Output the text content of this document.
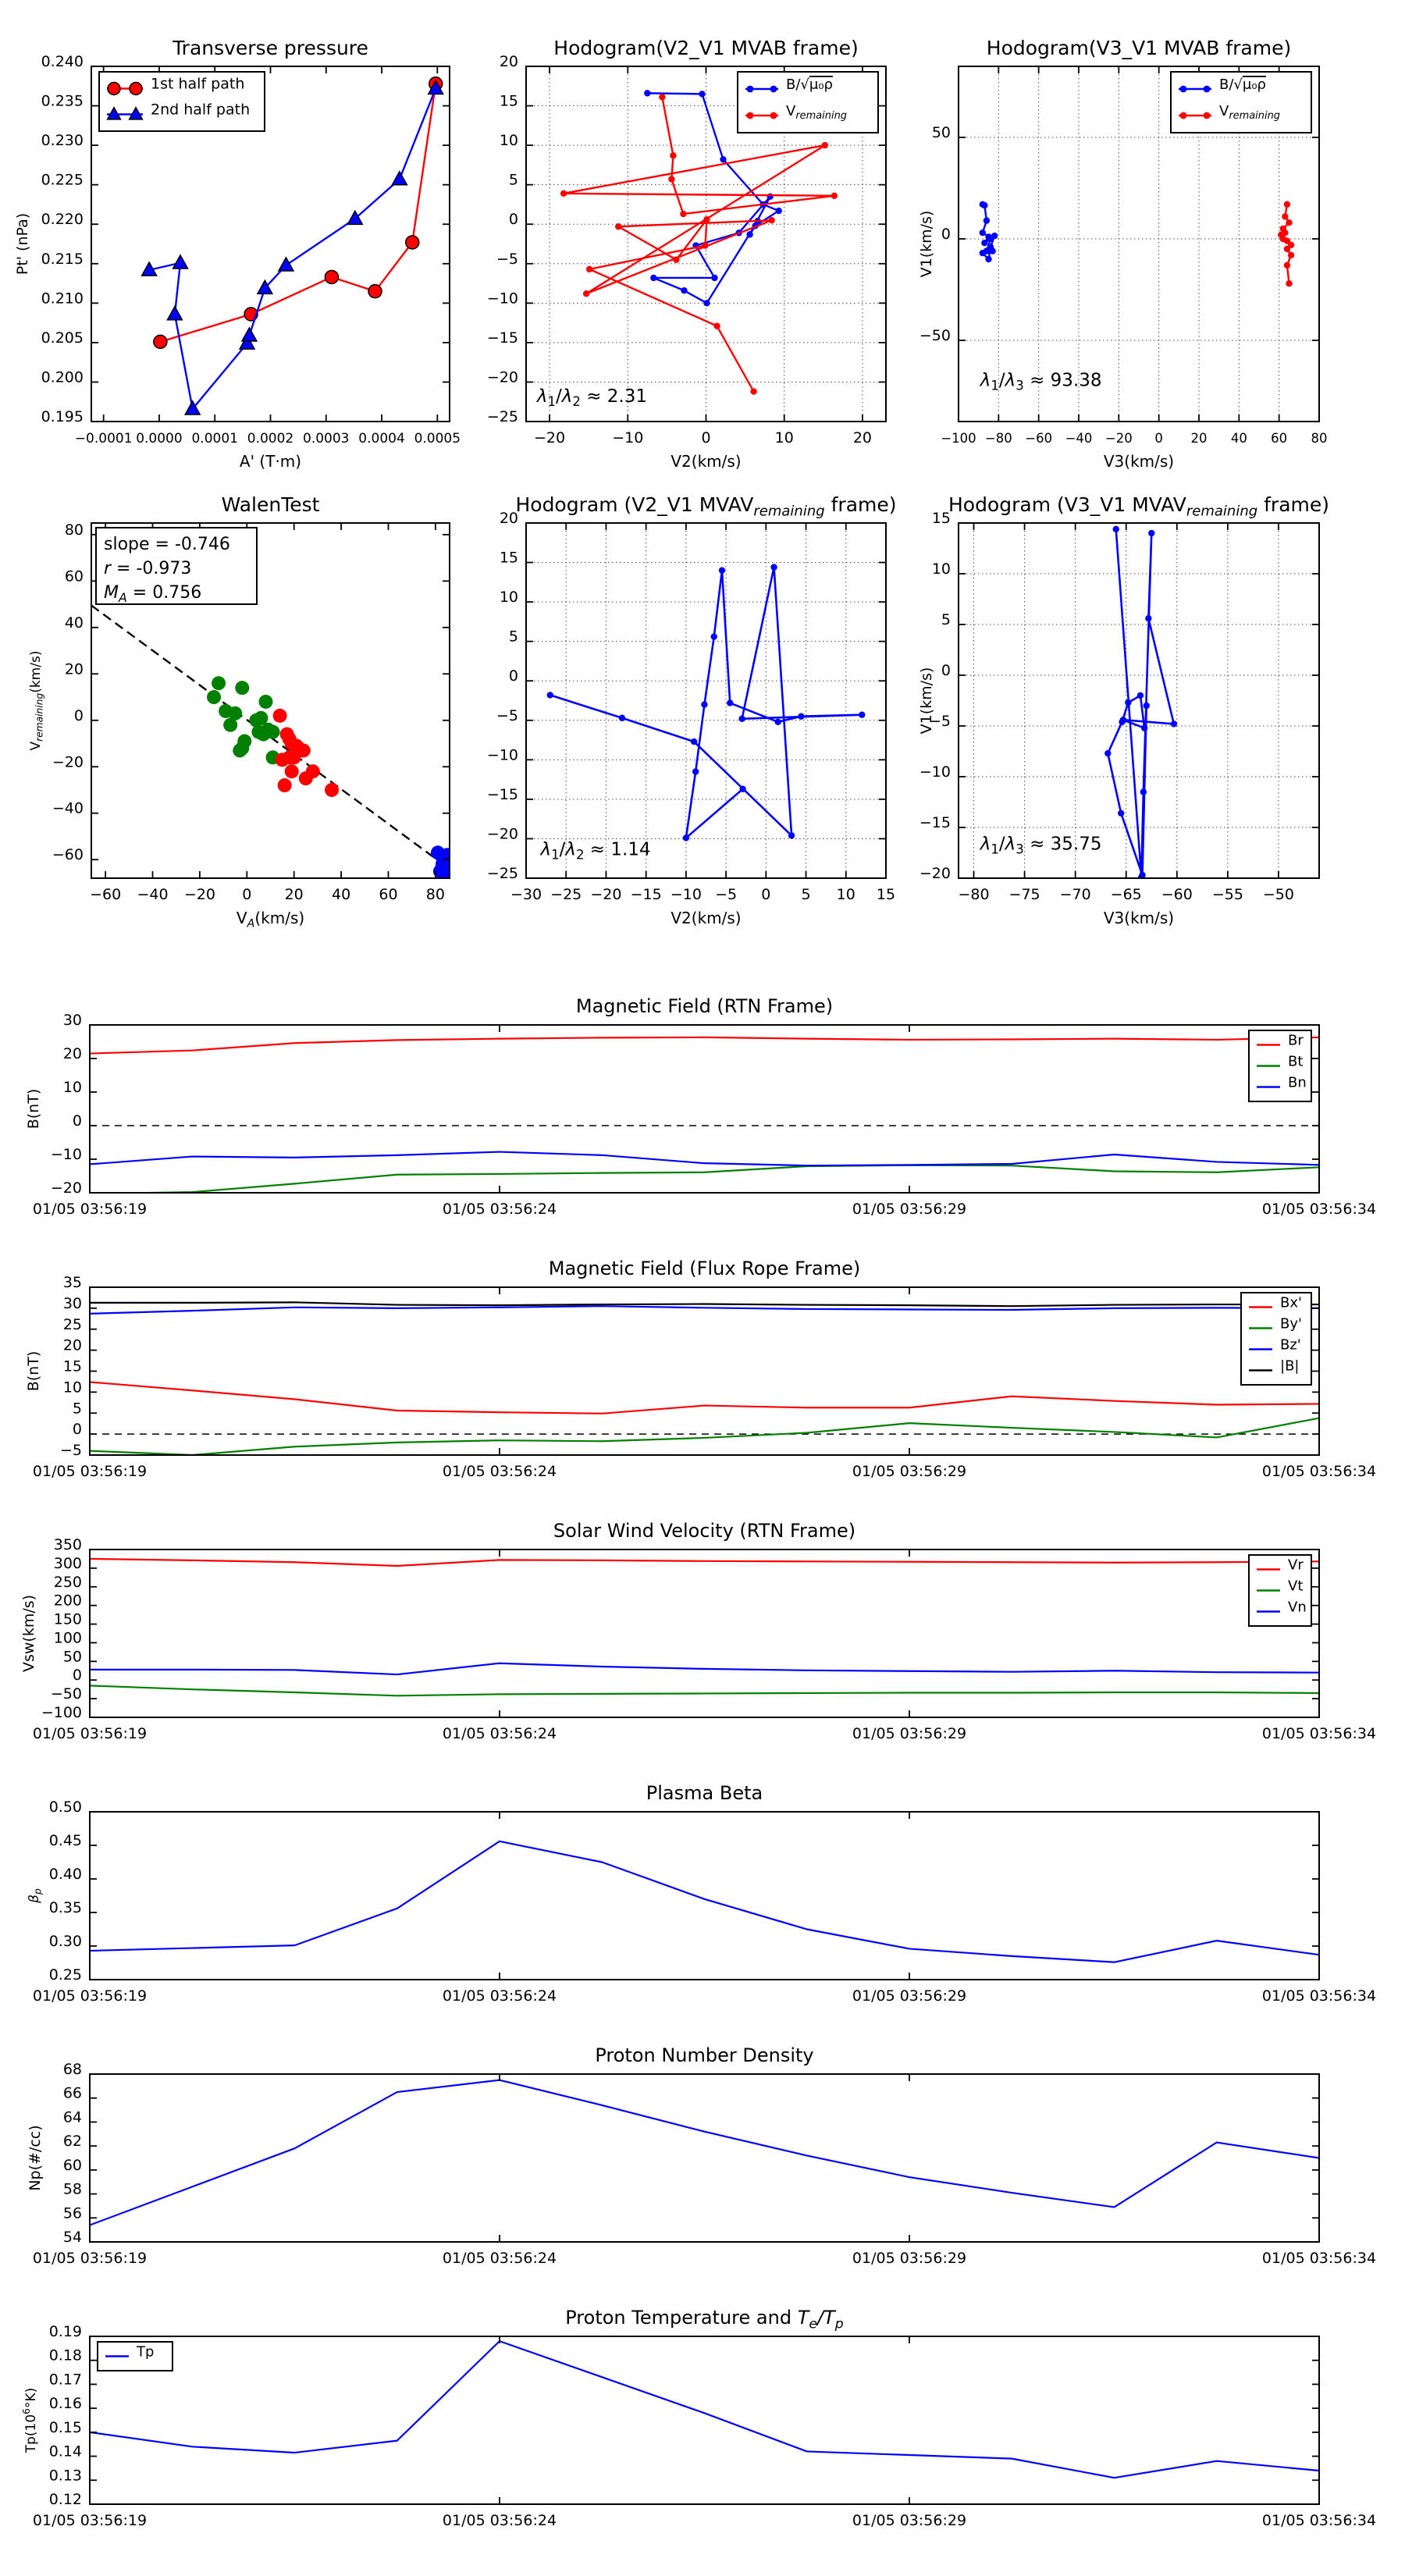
−0.0001 0.0000 0.0001 0.0002 0.0003 0.0004 0.0005
0.195
0.200
0.205
0.210
0.215
0.220
0.225
0.230
0.235
0.240
Transverse pressure
A' (T·m)
Pt' (nPa)
1st half path
2nd half path
−20	−10	0	10	20
−25
−20
−15
−10
−5
0
5
10
15
20
Hodogram(V2_V1 MVAB frame)
V2(km/s)
V1(km/s)
$\lambda_1/\lambda_2 \approx 2.31$
B/√μ₀ρ
$V_{remaining}$
−100 −80 −60 −40 −20 0 20 40 60 80
−50
0
50
Hodogram(V3_V1 MVAB frame)
V3(km/s)
$\lambda_1/\lambda_3 \approx 93.38$
B/√μ₀ρ
$V_{remaining}$
−60 −40 −20 0 20 40 60 80
−60
−40
−20
0
20
40
60
80
WalenTest
$V_A(km/s)$
$V_{remaining}(km/s)$
slope = -0.746
r = -0.973
$M_A = 0.756$
−30 −25 −20 −15 −10 −5 0 5 10 15
−25
−20
−15
−10
−5
0
5
10
15
20
Hodogram (V2_V1 $MVAV_{remaining}$ frame)
V2(km/s)
V1(km/s)
$\lambda_1/\lambda_2 \approx 1.14$
−80 −75 −70 −65 −60 −55 −50
−20
−15
−10
−5
0
5
10
15
Hodogram (V3_V1 $MVAV_{remaining}$ frame)
V3(km/s)
$\lambda_1/\lambda_3 \approx 35.75$
01/05 03:56:19	01/05 03:56:24	01/05 03:56:29	01/05 03:56:34
−20
−10
0
10
20
30
Magnetic Field (RTN Frame)
B(nT)
Br
Bt
Bn
01/05 03:56:19	01/05 03:56:24	01/05 03:56:29	01/05 03:56:34
−5
0
5
10
15
20
25
30
35
Magnetic Field (Flux Rope Frame)
B(nT)
Bx'
By'
Bz'
|B|
01/05 03:56:19	01/05 03:56:24	01/05 03:56:29	01/05 03:56:34
−100
−50
0
50
100
150
200
250
300
350
Solar Wind Velocity (RTN Frame)
Vsw(km/s)
Vr
Vt
Vn
01/05 03:56:19	01/05 03:56:24	01/05 03:56:29	01/05 03:56:34
0.25
0.30
0.35
0.40
0.45
0.50
Plasma Beta
$\beta_p$
01/05 03:56:19	01/05 03:56:24	01/05 03:56:29	01/05 03:56:34
54
56
58
60
62
64
66
68
Proton Number Density
Np(#/cc)
01/05 03:56:19	01/05 03:56:24	01/05 03:56:29	01/05 03:56:34
0.12
0.13
0.14
0.15
0.16
0.17
0.18
0.19
Proton Temperature and $T_e/T_p$
$Tp(10^6^\circ K)$
Tp
